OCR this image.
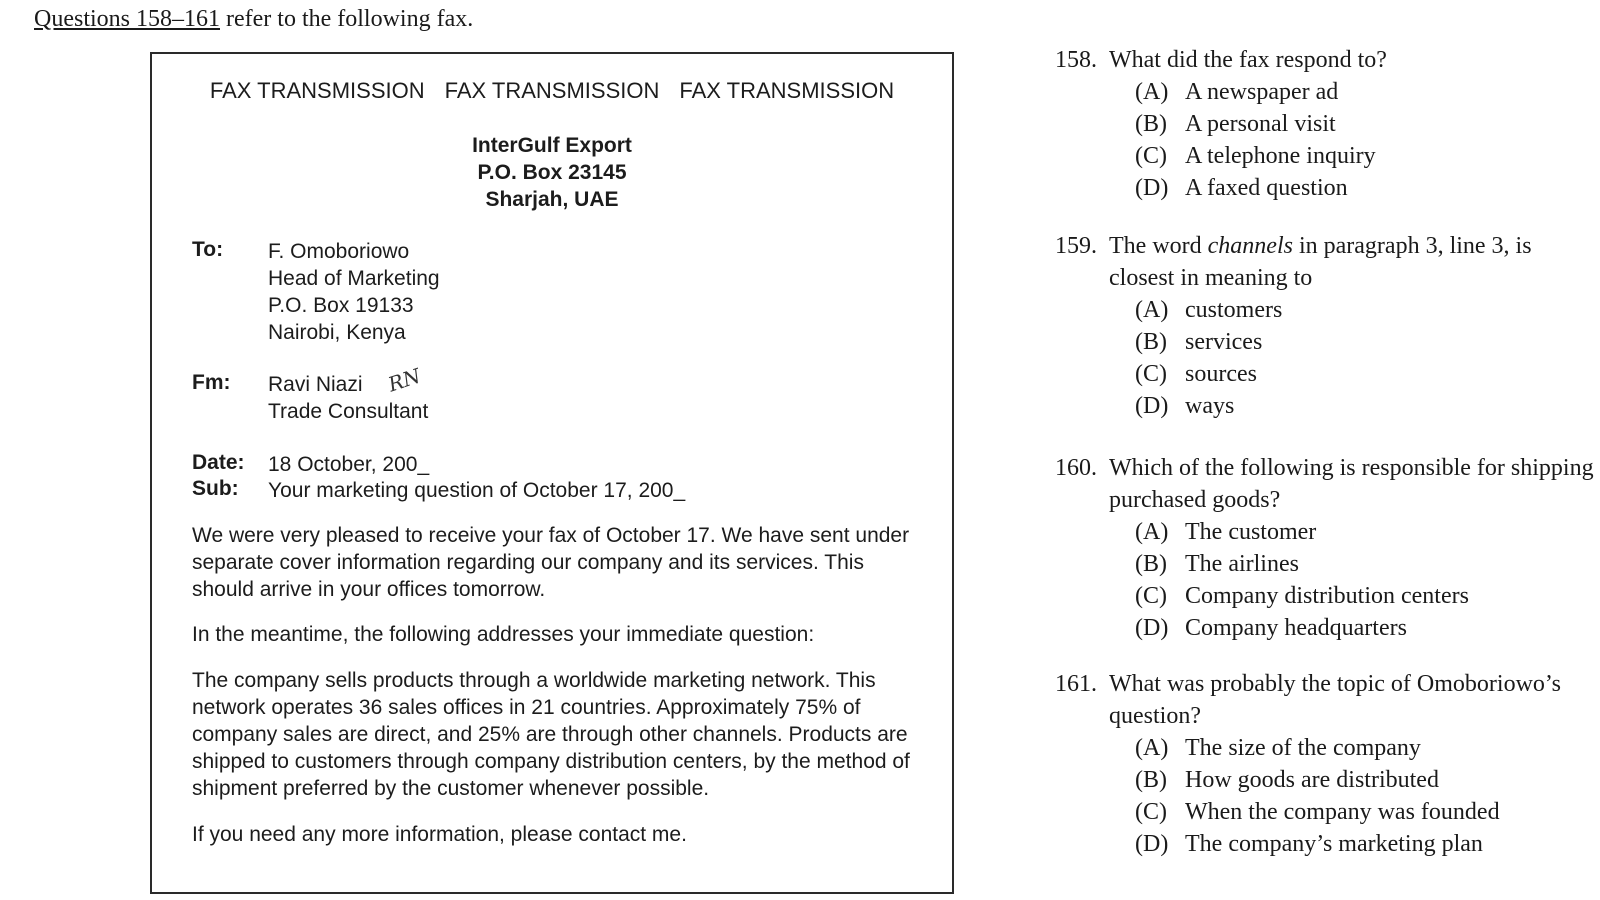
Questions 158–161 refer to the following fax.
FAX TRANSMISSION FAX TRANSMISSION FAX TRANSMISSION
InterGulf Export
P.O. Box 23145
Sharjah, UAE
To: F. Omoboriowo
Head of Marketing
P.O. Box 19133
Nairobi, Kenya
Fm: Ravi Niazi
Trade Consultant
RN
Date: 18 October, 200_
Sub: Your marketing question of October 17, 200_
We were very pleased to receive your fax of October 17. We have sent under separate cover information regarding our company and its services. This should arrive in your offices tomorrow.
In the meantime, the following addresses your immediate question:
The company sells products through a worldwide marketing network. This network operates 36 sales offices in 21 countries. Approximately 75% of company sales are direct, and 25% are through other channels. Products are shipped to customers through company distribution centers, by the method of shipment preferred by the customer whenever possible.
If you need any more information, please contact me.
158. What did the fax respond to?
(A) A newspaper ad
(B) A personal visit
(C) A telephone inquiry
(D) A faxed question
159. The word channels in paragraph 3, line 3, is closest in meaning to
(A) customers
(B) services
(C) sources
(D) ways
160. Which of the following is responsible for shipping purchased goods?
(A) The customer
(B) The airlines
(C) Company distribution centers
(D) Company headquarters
161. What was probably the topic of Omoboriowo’s question?
(A) The size of the company
(B) How goods are distributed
(C) When the company was founded
(D) The company’s marketing plan
